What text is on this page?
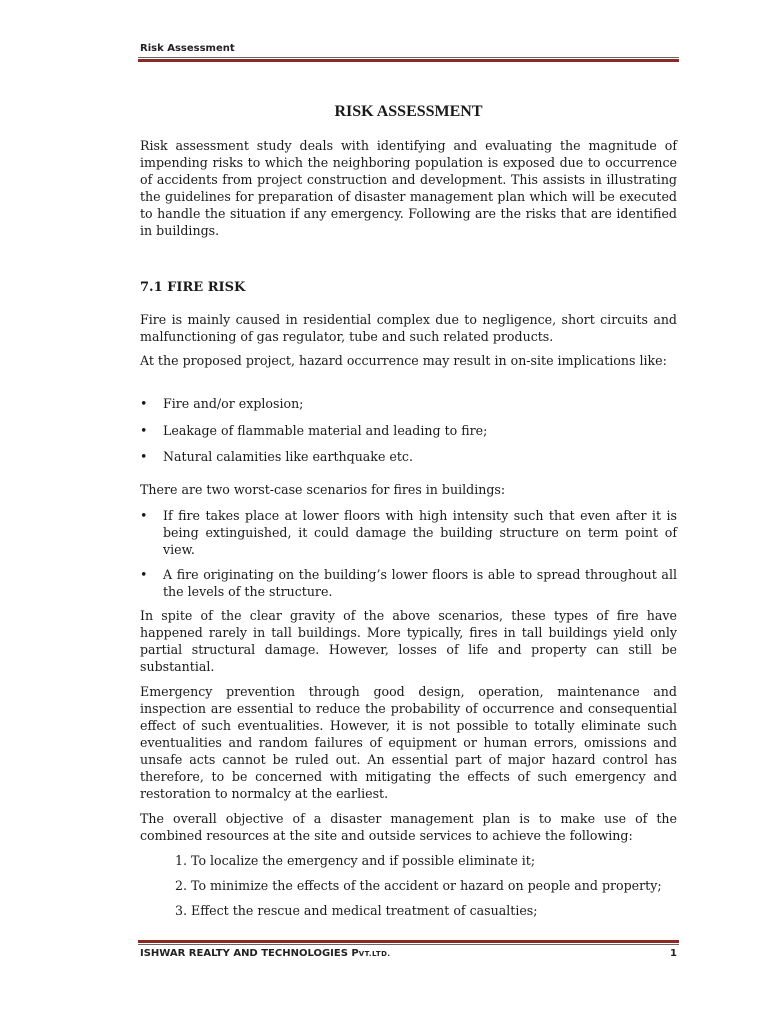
Risk Assessment
RISK ASSESSMENT

Risk assessment study deals with identifying and evaluating the magnitude of impending risks to which the neighboring population is exposed due to occurrence of accidents from project construction and development. This assists in illustrating the guidelines for preparation of disaster management plan which will be executed to handle the situation if any emergency. Following are the risks that are identified in buildings.

7.1 FIRE RISK

Fire is mainly caused in residential complex due to negligence, short circuits and malfunctioning of gas regulator, tube and such related products.

At the proposed project, hazard occurrence may result in on-site implications like:

• Fire and/or explosion;

• Leakage of flammable material and leading to fire;

• Natural calamities like earthquake etc.

There are two worst-case scenarios for fires in buildings:

• If fire takes place at lower floors with high intensity such that even after it is being extinguished, it could damage the building structure on term point of view.

• A fire originating on the building’s lower floors is able to spread throughout all the levels of the structure.

In spite of the clear gravity of the above scenarios, these types of fire have happened rarely in tall buildings. More typically, fires in tall buildings yield only partial structural damage. However, losses of life and property can still be substantial.

Emergency prevention through good design, operation, maintenance and inspection are essential to reduce the probability of occurrence and consequential effect of such eventualities. However, it is not possible to totally eliminate such eventualities and random failures of equipment or human errors, omissions and unsafe acts cannot be ruled out. An essential part of major hazard control has therefore, to be concerned with mitigating the effects of such emergency and restoration to normalcy at the earliest.

The overall objective of a disaster management plan is to make use of the combined resources at the site and outside services to achieve the following:

1. To localize the emergency and if possible eliminate it;
2. To minimize the effects of the accident or hazard on people and property;
3. Effect the rescue and medical treatment of casualties;
ISHWAR REALTY AND TECHNOLOGIES PVT.LTD.	1
